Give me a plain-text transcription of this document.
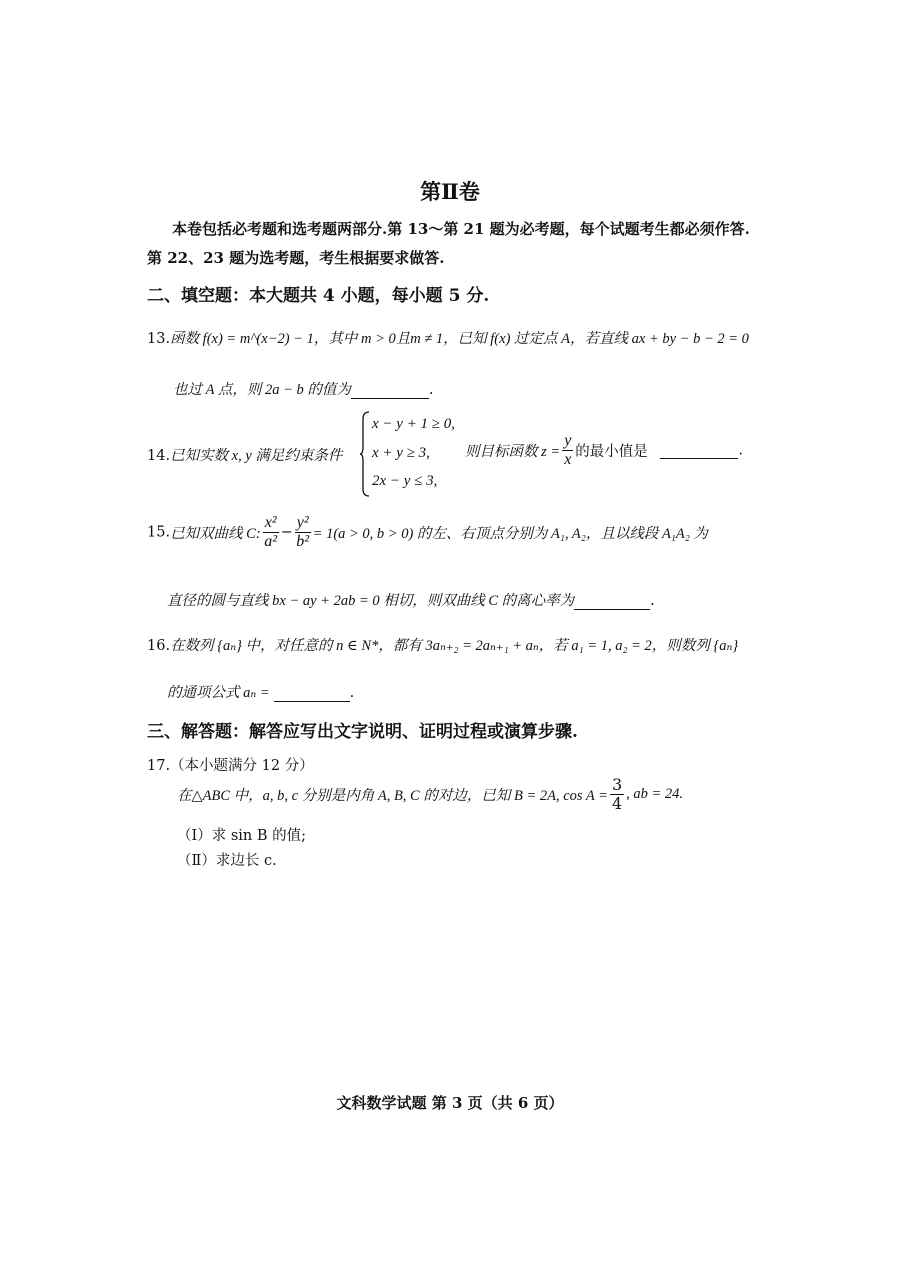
第Ⅱ卷
本卷包括必考题和选考题两部分.第 13～第 21 题为必考题，每个试题考生都必须作答.
第 22、23 题为选考题，考生根据要求做答.
二、填空题：本大题共 4 小题，每小题 5 分.
13.函数 f(x) = m^(x−2) − 1，其中 m > 0且m ≠ 1，已知 f(x) 过定点 A，若直线 ax + by − b − 2 = 0
也过 A 点，则 2a − b 的值为	.
14.已知实数 x, y 满足约束条件
x − y + 1 ≥ 0,
x + y ≥ 3,
2x − y ≤ 3,
则目标函数 $z = \frac{y}{x}$ 的最小值是	.
15.已知双曲线 C: $\frac{\text{x²}}{\text{a²}} - \frac{\text{y²}}{\text{b²}} = 1(a > 0$, b > 0) 的左、右顶点分别为 A₁, A₂，且以线段 A₁A₂ 为
直径的圆与直线 bx − ay + 2ab = 0 相切，则双曲线 C 的离心率为	.
16.在数列 {aₙ} 中，对任意的 n ∈ N*，都有 3aₙ₊₂ = 2aₙ₊₁ + aₙ，若 a₁ = 1, a₂ = 2，则数列 {aₙ}
的通项公式 aₙ =	.
三、解答题：解答应写出文字说明、证明过程或演算步骤.
17.（本小题满分 12 分）
在△ABC 中，a, b, c 分别是内角 A, B, C 的对边，已知 B = 2A, $\cos A = \frac{3}{4}$ , ab = 24.
（Ⅰ）求 sin B 的值;
（Ⅱ）求边长 c.
文科数学试题 第 3 页（共 6 页）
